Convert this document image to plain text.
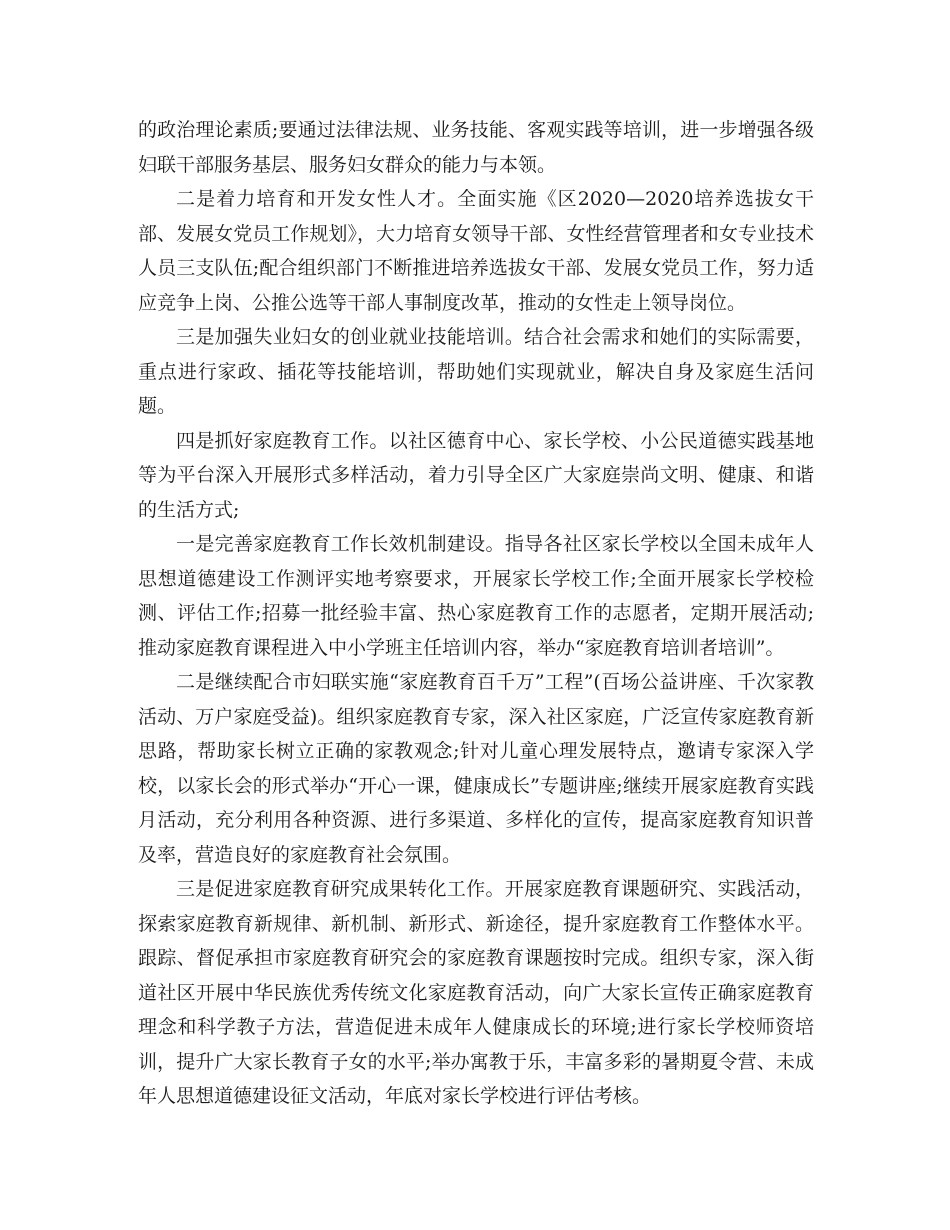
的政治理论素质;要通过法律法规、业务技能、客观实践等培训，进一步增强各级妇联干部服务基层、服务妇女群众的能力与本领。

二是着力培育和开发女性人才。全面实施《区2020—2020培养选拔女干部、发展女党员工作规划》，大力培育女领导干部、女性经营管理者和女专业技术人员三支队伍;配合组织部门不断推进培养选拔女干部、发展女党员工作，努力适应竞争上岗、公推公选等干部人事制度改革，推动的女性走上领导岗位。

三是加强失业妇女的创业就业技能培训。结合社会需求和她们的实际需要，重点进行家政、插花等技能培训，帮助她们实现就业，解决自身及家庭生活问题。

四是抓好家庭教育工作。以社区德育中心、家长学校、小公民道德实践基地等为平台深入开展形式多样活动，着力引导全区广大家庭崇尚文明、健康、和谐的生活方式;

一是完善家庭教育工作长效机制建设。指导各社区家长学校以全国未成年人思想道德建设工作测评实地考察要求，开展家长学校工作;全面开展家长学校检测、评估工作;招募一批经验丰富、热心家庭教育工作的志愿者，定期开展活动;推动家庭教育课程进入中小学班主任培训内容，举办“家庭教育培训者培训”。

二是继续配合市妇联实施“家庭教育百千万”工程”(百场公益讲座、千次家教活动、万户家庭受益)。组织家庭教育专家，深入社区家庭，广泛宣传家庭教育新思路，帮助家长树立正确的家教观念;针对儿童心理发展特点，邀请专家深入学校，以家长会的形式举办“开心一课，健康成长”专题讲座;继续开展家庭教育实践月活动，充分利用各种资源、进行多渠道、多样化的宣传，提高家庭教育知识普及率，营造良好的家庭教育社会氛围。

三是促进家庭教育研究成果转化工作。开展家庭教育课题研究、实践活动，探索家庭教育新规律、新机制、新形式、新途径，提升家庭教育工作整体水平。跟踪、督促承担市家庭教育研究会的家庭教育课题按时完成。组织专家，深入街道社区开展中华民族优秀传统文化家庭教育活动，向广大家长宣传正确家庭教育理念和科学教子方法，营造促进未成年人健康成长的环境;进行家长学校师资培训，提升广大家长教育子女的水平;举办寓教于乐，丰富多彩的暑期夏令营、未成年人思想道德建设征文活动，年底对家长学校进行评估考核。
